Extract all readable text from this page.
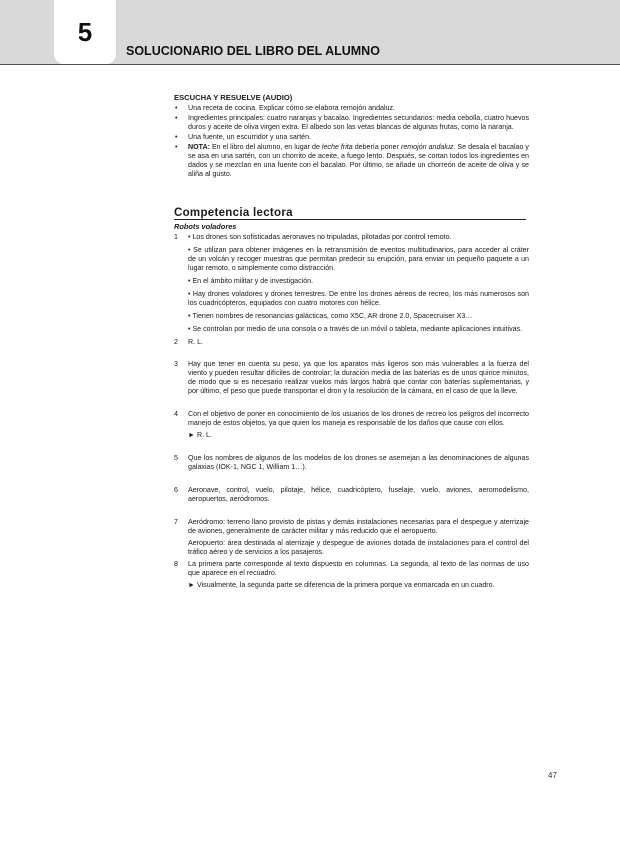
5
SOLUCIONARIO DEL LIBRO DEL ALUMNO
ESCUCHA Y RESUELVE (AUDIO)
• Una receta de cocina. Explicar cómo se elabora remojón andaluz.
• Ingredientes principales: cuatro naranjas y bacalao. Ingredientes secundarios: media cebolla, cuatro huevos duros y aceite de oliva virgen extra. El albedo son las vetas blancas de algunas frutas, como la naranja.
• Una fuente, un escurridor y una sartén.
• NOTA: En el libro del alumno, en lugar de leche frita debería poner remojón andaluz. Se desala el bacalao y se asa en una sartén, con un chorrito de aceite, a fuego lento. Después, se cortan todos los ingredientes en dados y se mezclan en una fuente con el bacalao. Por último, se añade un chorreón de aceite de oliva y se aliña al gusto.
Competencia lectora
Robots voladores
1 • Los drones son sofisticadas aeronaves no tripuladas, pilotadas por control remoto.

• Se utilizan para obtener imágenes en la retransmisión de eventos multitudinarios, para acceder al cráter de un volcán y recoger muestras que permitan predecir su erupción, para enviar un pequeño paquete a un lugar remoto, o simplemente como distracción.

• En el ámbito militar y de investigación.

• Hay drones voladores y drones terrestres. De entre los drones aéreos de recreo, los más numerosos son los cuadricópteros, equipados con cuatro motores con hélice.

• Tienen nombres de resonancias galácticas, como X5C, AR drone 2.0, Spacecruiser X3…

• Se controlan por medio de una consola o a través de un móvil o tableta, mediante aplicaciones intuitivas.

2 R. L.

3 Hay que tener en cuenta su peso, ya que los aparatos más ligeros son más vulnerables a la fuerza del viento y pueden resultar difíciles de controlar; la duración media de las baterías es de unos quince minutos, de modo que si es necesario realizar vuelos más largos habrá que contar con baterías suplementarias, y por último, el peso que puede transportar el dron y la resolución de la cámara, en el caso de que la lleve.

4 Con el objetivo de poner en conocimiento de los usuarios de los drones de recreo los peligros del incorrecto manejo de estos objetos, ya que quien los maneja es responsable de los daños que cause con ellos.

► R. L.

5 Que los nombres de algunos de los modelos de los drones se asemejan a las denominaciones de algunas galaxias (IOK-1, NGC 1, William 1…).

6 Aeronave, control, vuelo, pilotaje, hélice, cuadricóptero, fuselaje, vuelo, aviones, aeromodelismo, aeropuertos, aeródromos.

7 Aeródromo: terreno llano provisto de pistas y demás instalaciones necesarias para el despegue y aterrizaje de aviones, generalmente de carácter militar y más reducido que el aeropuerto.

Aeropuerto: área destinada al aterrizaje y despegue de aviones dotada de instalaciones para el control del tráfico aéreo y de servicios a los pasajeros.

8 La primera parte corresponde al texto dispuesto en columnas. La segunda, al texto de las normas de uso que aparece en el recuadro.

► Visualmente, la segunda parte se diferencia de la primera porque va enmarcada en un cuadro.

47
